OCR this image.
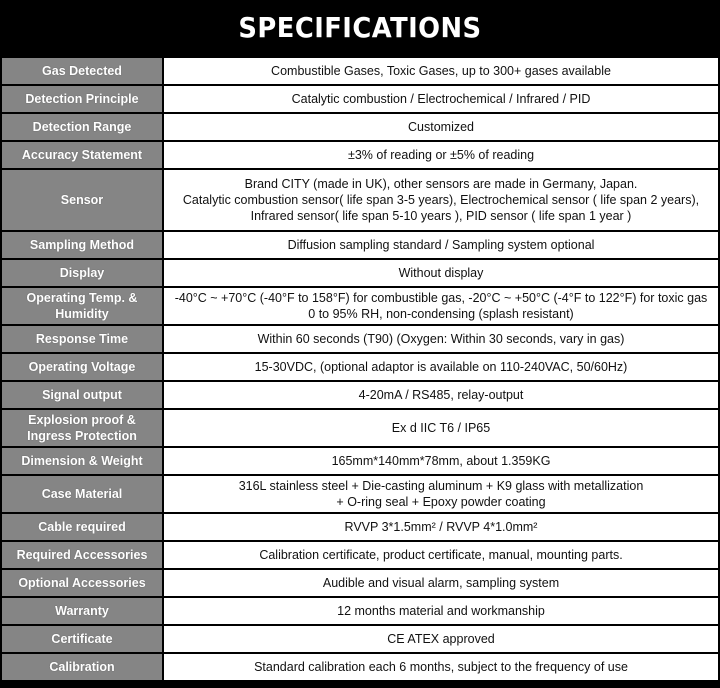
SPECIFICATIONS
Gas Detected	Combustible Gases, Toxic Gases, up to 300+ gases available

Detection Principle	Catalytic combustion / Electrochemical / Infrared / PID

Detection Range	Customized

Accuracy Statement	±3% of reading or ±5% of reading

Sensor	Brand CITY (made in UK), other sensors are made in Germany, Japan.
Catalytic combustion sensor( life span 3-5 years), Electrochemical sensor ( life span 2 years),
Infrared sensor( life span 5-10 years ), PID sensor ( life span 1 year )

Sampling Method	Diffusion sampling standard / Sampling system optional

Display	Without display

Operating Temp. &
Humidity	-40°C ~ +70°C (-40°F to 158°F) for combustible gas, -20°C ~ +50°C (-4°F to 122°F) for toxic gas
0 to 95% RH, non-condensing (splash resistant)

Response Time	Within 60 seconds (T90) (Oxygen: Within 30 seconds, vary in gas)

Operating Voltage	15-30VDC, (optional adaptor is available on 110-240VAC, 50/60Hz)

Signal output	4-20mA / RS485, relay-output

Explosion proof &
Ingress Protection	Ex d IIC T6 / IP65

Dimension & Weight	165mm*140mm*78mm, about 1.359KG

Case Material	316L stainless steel + Die-casting aluminum + K9 glass with metallization
+ O-ring seal + Epoxy powder coating

Cable required	RVVP 3*1.5mm² / RVVP 4*1.0mm²

Required Accessories	Calibration certificate, product certificate, manual, mounting parts.

Optional Accessories	Audible and visual alarm, sampling system

Warranty	12 months material and workmanship

Certificate	CE ATEX approved

Calibration	Standard calibration each 6 months, subject to the frequency of use
